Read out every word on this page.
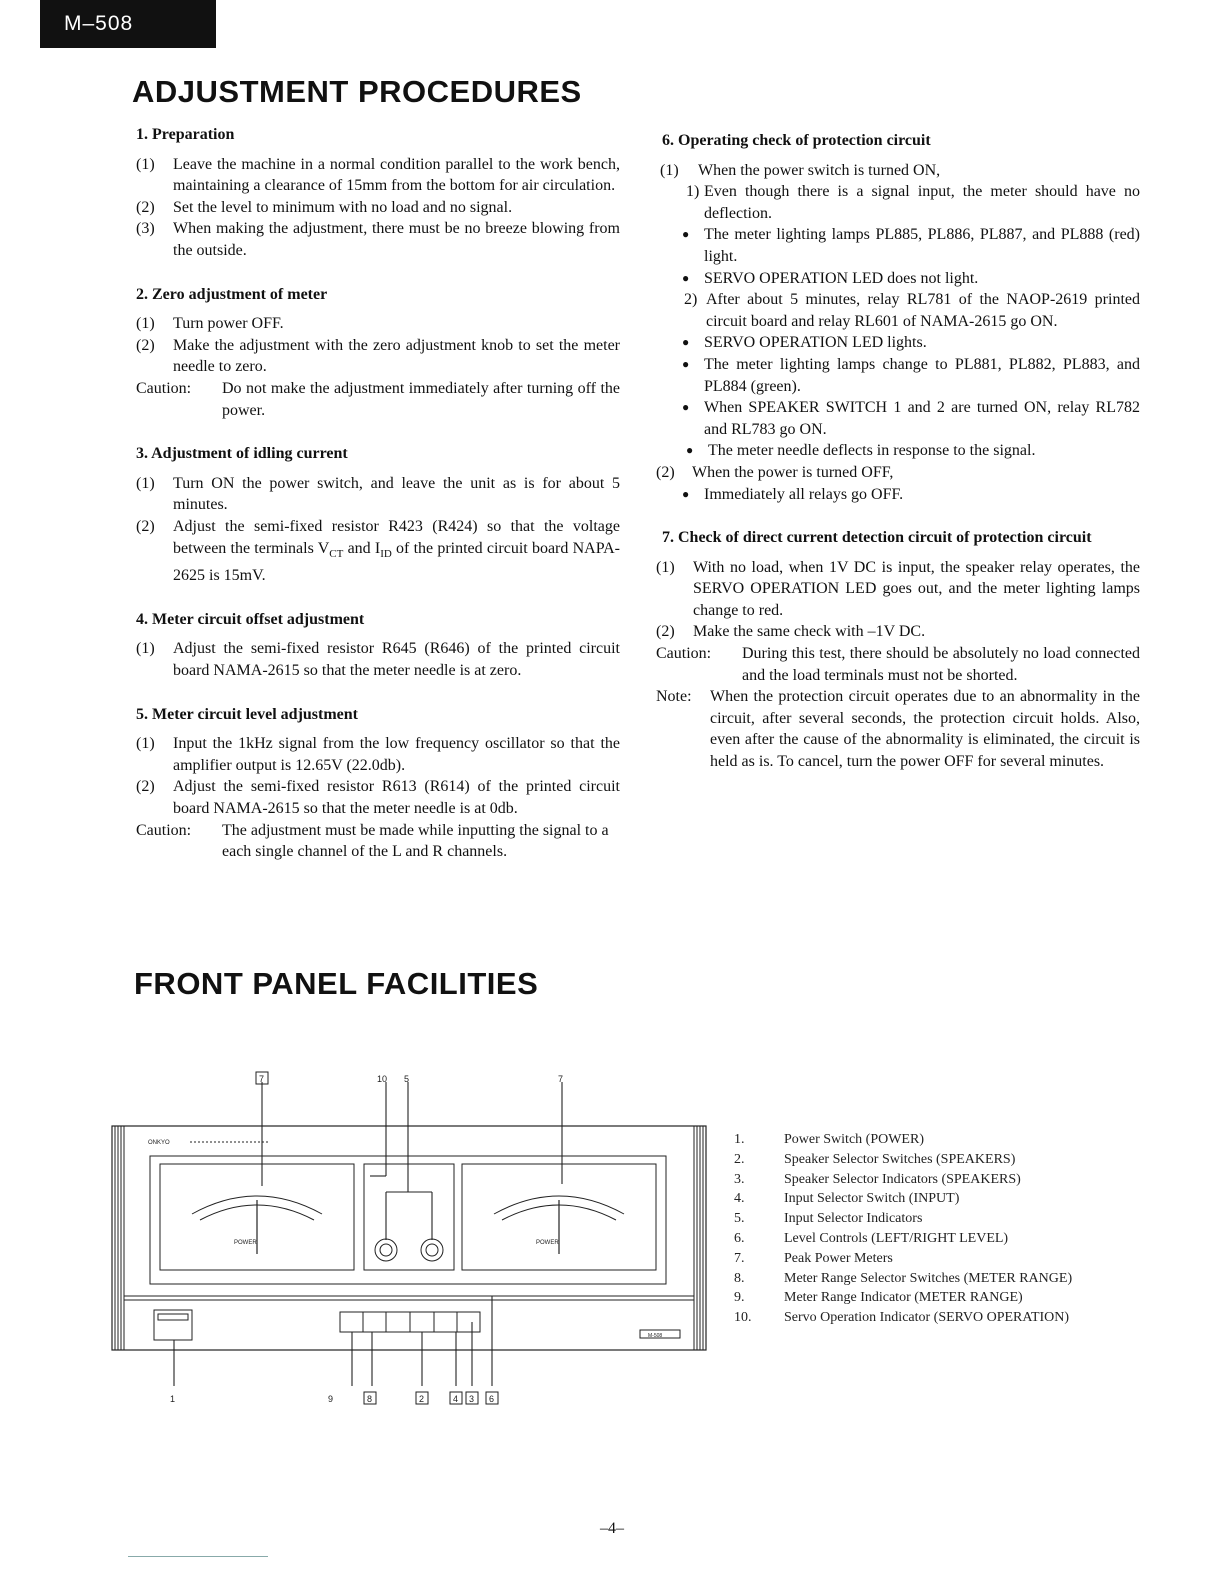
M–508
ADJUSTMENT PROCEDURES
1. Preparation
(1)	Leave the machine in a normal condition parallel to the work bench, maintaining a clearance of 15mm from the bottom for air circulation.
(2)	Set the level to minimum with no load and no signal.
(3)	When making the adjustment, there must be no breeze blowing from the outside.
2. Zero adjustment of meter
(1)	Turn power OFF.
(2)	Make the adjustment with the zero adjustment knob to set the meter needle to zero.
Caution:	Do not make the adjustment immediately after turning off the power.
3. Adjustment of idling current
(1)	Turn ON the power switch, and leave the unit as is for about 5 minutes.
(2)	Adjust the semi-fixed resistor R423 (R424) so that the voltage between the terminals $V_{CT}$ and $I_{ID}$ of the printed circuit board NAPA-2625 is 15mV.
4. Meter circuit offset adjustment
(1)	Adjust the semi-fixed resistor R645 (R646) of the printed circuit board NAMA-2615 so that the meter needle is at zero.
5. Meter circuit level adjustment
(1)	Input the 1kHz signal from the low frequency oscillator so that the amplifier output is 12.65V (22.0db).
(2)	Adjust the semi-fixed resistor R613 (R614) of the printed circuit board NAMA-2615 so that the meter needle is at 0db.
Caution:	The adjustment must be made while inputting the signal to a each single channel of the L and R channels.
6. Operating check of protection circuit
(1)	When the power switch is turned ON,
1) Even though there is a signal input, the meter should have no deflection.
● The meter lighting lamps PL885, PL886, PL887, and PL888 (red) light.
● SERVO OPERATION LED does not light.
2) After about 5 minutes, relay RL781 of the NAOP-2619 printed circuit board and relay RL601 of NAMA-2615 go ON.
● SERVO OPERATION LED lights.
● The meter lighting lamps change to PL881, PL882, PL883, and PL884 (green).
● When SPEAKER SWITCH 1 and 2 are turned ON, relay RL782 and RL783 go ON.
● The meter needle deflects in response to the signal.
(2)	When the power is turned OFF,
● Immediately all relays go OFF.
7. Check of direct current detection circuit of protection circuit
(1)	With no load, when 1V DC is input, the speaker relay operates, the SERVO OPERATION LED goes out, and the meter lighting lamps change to red.
(2)	Make the same check with –1V DC.
Caution:	During this test, there should be absolutely no load connected and the load terminals must not be shorted.
Note:	When the protection circuit operates due to an abnormality in the circuit, after several seconds, the protection circuit holds. Also, even after the cause of the abnormality is eliminated, the circuit is held as is. To cancel, turn the power OFF for several minutes.
FRONT PANEL FACILITIES
ONKYO
POWER	POWER
M-508
7	10 5	7
1	9	8	2	4 3 6
1.	Power Switch (POWER)
2.	Speaker Selector Switches (SPEAKERS)
3.	Speaker Selector Indicators (SPEAKERS)
4.	Input Selector Switch (INPUT)
5.	Input Selector Indicators
6.	Level Controls (LEFT/RIGHT LEVEL)
7.	Peak Power Meters
8.	Meter Range Selector Switches (METER RANGE)
9.	Meter Range Indicator (METER RANGE)
10.	Servo Operation Indicator (SERVO OPERATION)
–4–
